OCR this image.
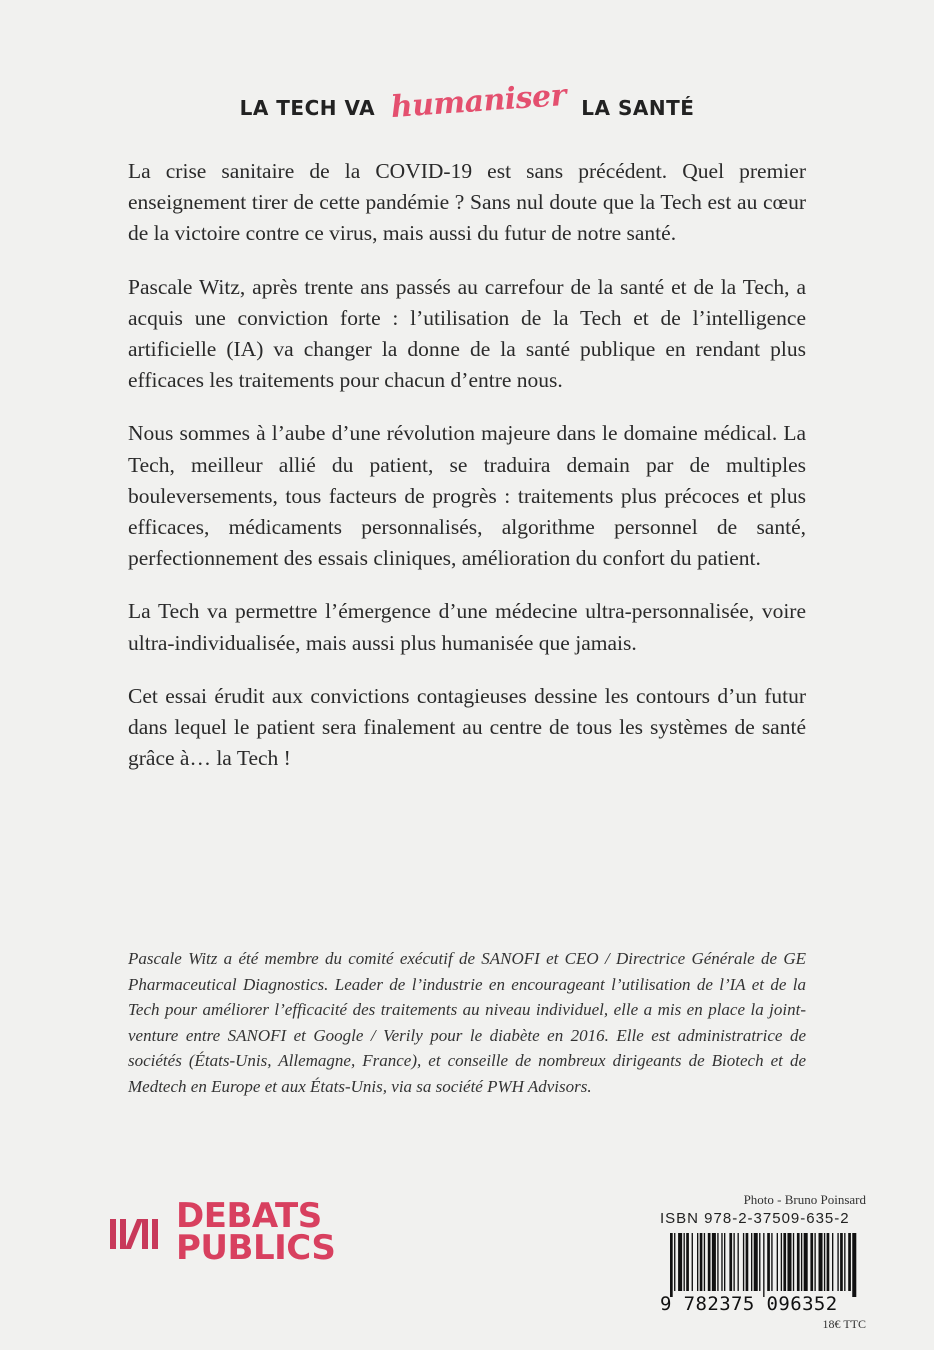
LA TECH VA humaniser LA SANTÉ

La crise sanitaire de la COVID-19 est sans précédent. Quel premier enseignement tirer de cette pandémie ? Sans nul doute que la Tech est au cœur de la victoire contre ce virus, mais aussi du futur de notre santé.

Pascale Witz, après trente ans passés au carrefour de la santé et de la Tech, a acquis une conviction forte : l’utilisation de la Tech et de l’intelligence artificielle (IA) va changer la donne de la santé publique en rendant plus efficaces les traitements pour chacun d’entre nous.

Nous sommes à l’aube d’une révolution majeure dans le domaine médical. La Tech, meilleur allié du patient, se traduira demain par de multiples bouleversements, tous facteurs de progrès : traitements plus précoces et plus efficaces, médicaments personnalisés, algorithme personnel de santé, perfectionnement des essais cliniques, amélioration du confort du patient.

La Tech va permettre l’émergence d’une médecine ultra-personnalisée, voire ultra-individualisée, mais aussi plus humanisée que jamais.

Cet essai érudit aux convictions contagieuses dessine les contours d’un futur dans lequel le patient sera finalement au centre de tous les systèmes de santé grâce à… la Tech !

Pascale Witz a été membre du comité exécutif de SANOFI et CEO / Directrice Générale de GE Pharmaceutical Diagnostics. Leader de l’industrie en encourageant l’utilisation de l’IA et de la Tech pour améliorer l’efficacité des traitements au niveau individuel, elle a mis en place la joint-venture entre SANOFI et Google / Verily pour le diabète en 2016. Elle est administratrice de sociétés (États-Unis, Allemagne, France), et conseille de nombreux dirigeants de Biotech et de Medtech en Europe et aux États-Unis, via sa société PWH Advisors.
DEBATS
PUBLICS
Photo - Bruno Poinsard
ISBN 978-2-37509-635-2
9 782375 096352
18€ TTC
